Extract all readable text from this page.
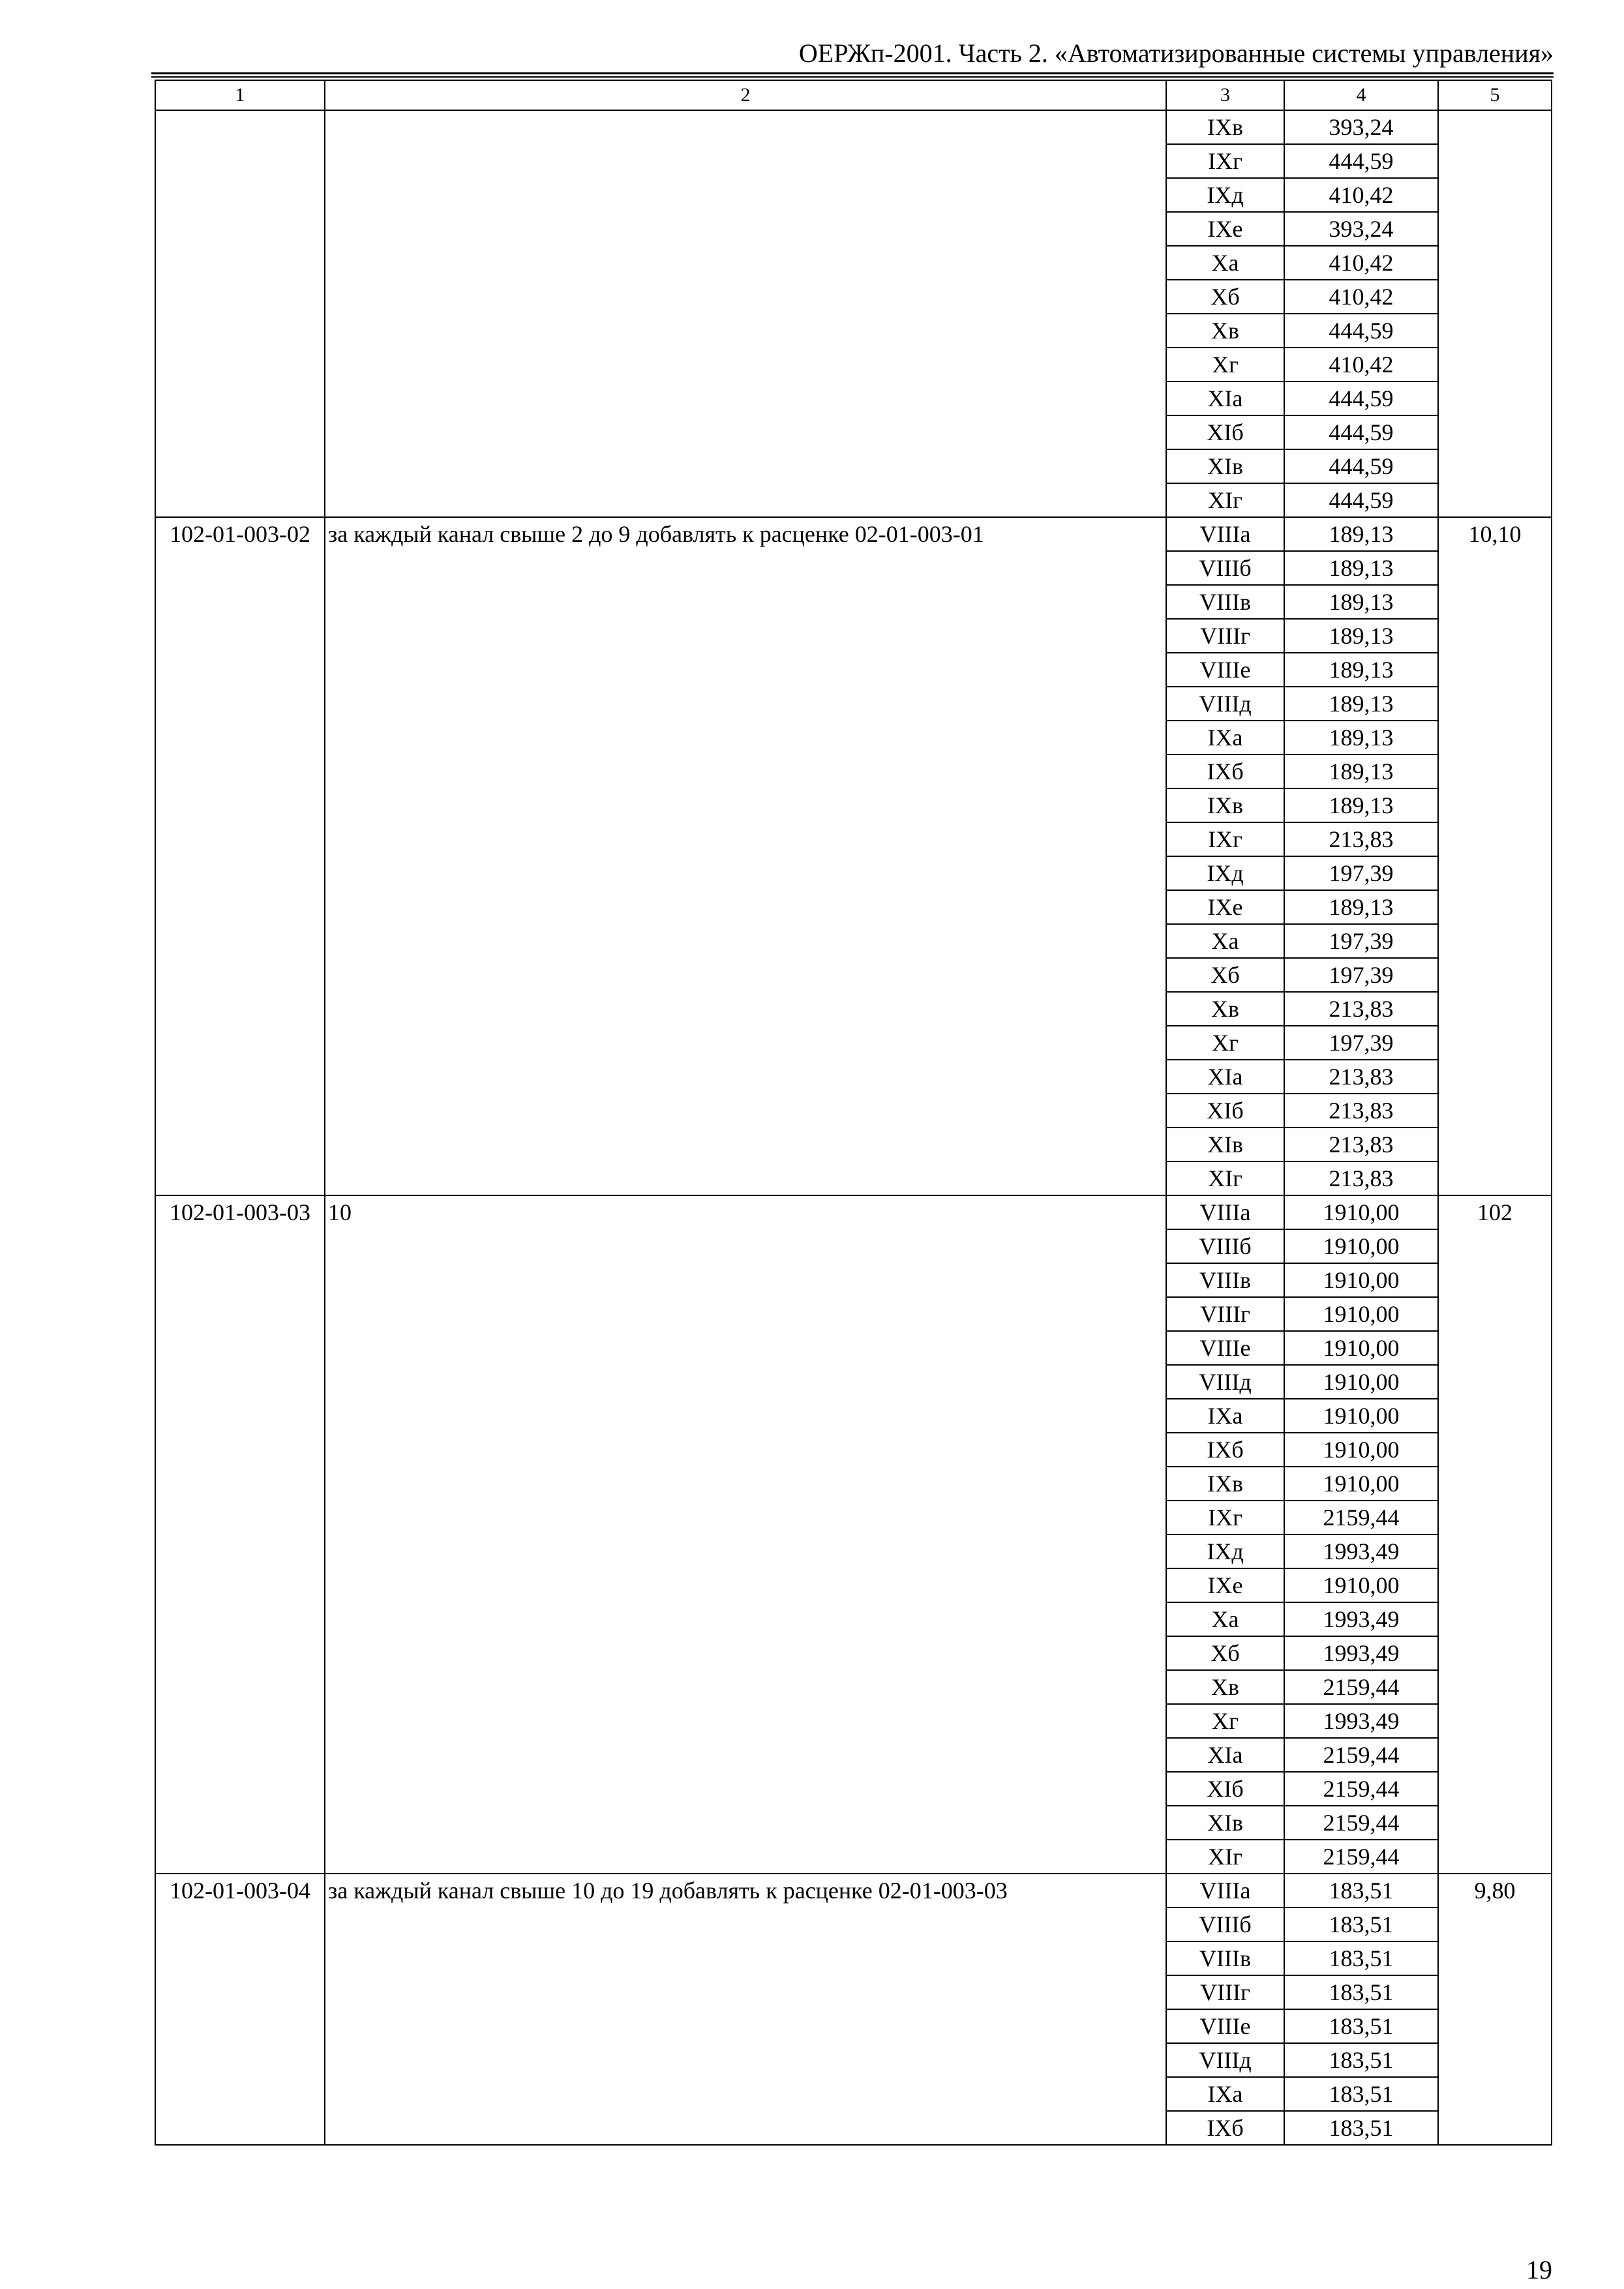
ОЕРЖп-2001. Часть 2. «Автоматизированные системы управления»
1	2	3	4	5
		IXв	393,24	
		IXг	444,59	
		IXд	410,42	
		IXе	393,24	
		Xа	410,42	
		Xб	410,42	
		Xв	444,59	
		Xг	410,42	
		XIа	444,59	
		XIб	444,59	
		XIв	444,59	
		XIг	444,59	
102-01-003-02	за каждый канал свыше 2 до 9 добавлять к расценке 02-01-003-01	VIIIа	189,13	10,10
		VIIIб	189,13	
		VIIIв	189,13	
		VIIIг	189,13	
		VIIIе	189,13	
		VIIIд	189,13	
		IXа	189,13	
		IXб	189,13	
		IXв	189,13	
		IXг	213,83	
		IXд	197,39	
		IXе	189,13	
		Xа	197,39	
		Xб	197,39	
		Xв	213,83	
		Xг	197,39	
		XIа	213,83	
		XIб	213,83	
		XIв	213,83	
		XIг	213,83	
102-01-003-03	10	VIIIа	1910,00	102
		VIIIб	1910,00	
		VIIIв	1910,00	
		VIIIг	1910,00	
		VIIIе	1910,00	
		VIIIд	1910,00	
		IXа	1910,00	
		IXб	1910,00	
		IXв	1910,00	
		IXг	2159,44	
		IXд	1993,49	
		IXе	1910,00	
		Xа	1993,49	
		Xб	1993,49	
		Xв	2159,44	
		Xг	1993,49	
		XIа	2159,44	
		XIб	2159,44	
		XIв	2159,44	
		XIг	2159,44	
102-01-003-04	за каждый канал свыше 10 до 19 добавлять к расценке 02-01-003-03	VIIIа	183,51	9,80
		VIIIб	183,51	
		VIIIв	183,51	
		VIIIг	183,51	
		VIIIе	183,51	
		VIIIд	183,51	
		IXа	183,51	
		IXб	183,51	
19
